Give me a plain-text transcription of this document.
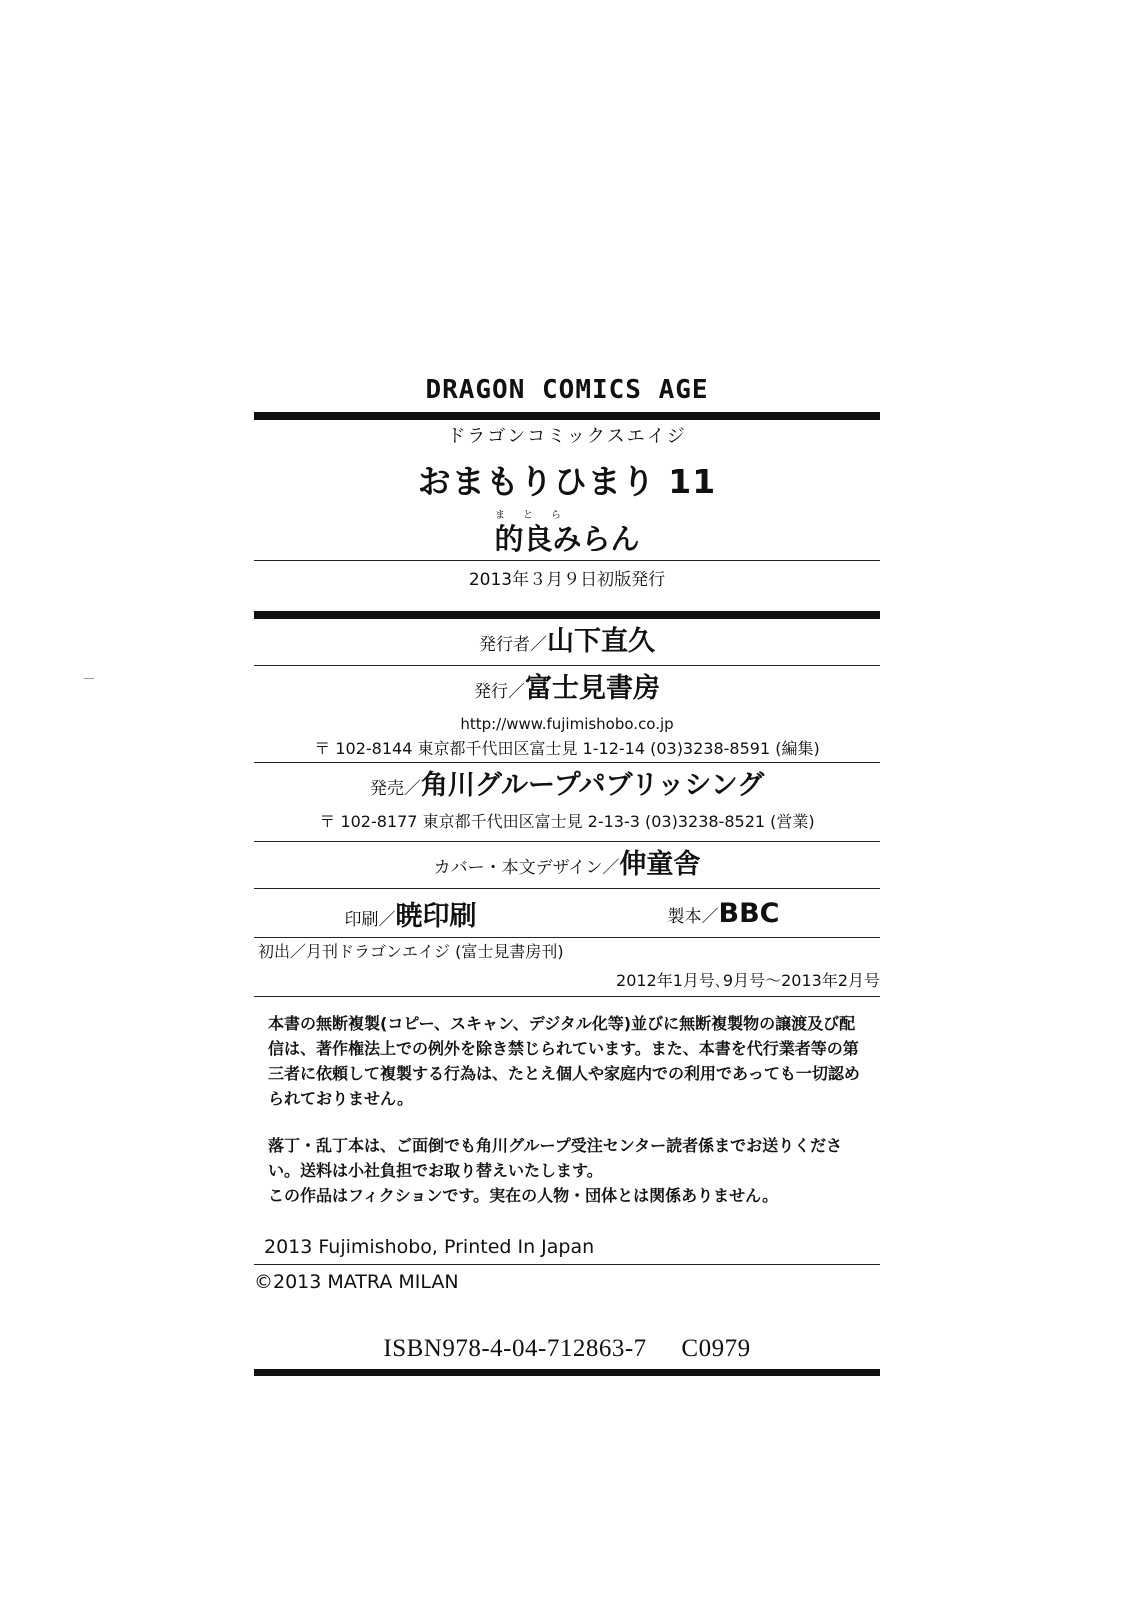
DRAGON COMICS AGE
ドラゴンコミックスエイジ
おまもりひまり 11
まとら
的良みらん
2013年３月９日初版発行
発行者／ 山下直久
発行／ 富士見書房
http://www.fujimishobo.co.jp
〒 102-8144 東京都千代田区富士見 1-12-14 (03)3238-8591 (編集)
発売／ 角川グループパブリッシング
〒 102-8177 東京都千代田区富士見 2-13-3 (03)3238-8521 (営業)
カバー・本文デザイン／ 伸童舎
印刷／ 暁印刷	製本／ BBC
初出／月刊ドラゴンエイジ (富士見書房刊)
2012年1月号､9月号～2013年2月号

本書の無断複製(コピー、スキャン、デジタル化等)並びに無断複製物の譲渡及び配信は、著作権法上での例外を除き禁じられています。また、本書を代行業者等の第三者に依頼して複製する行為は、たとえ個人や家庭内での利用であっても一切認められておりません。

落丁・乱丁本は、ご面倒でも角川グループ受注センター読者係までお送りください。送料は小社負担でお取り替えいたします。

この作品はフィクションです。実在の人物・団体とは関係ありません。

2013 Fujimishobo, Printed In Japan
©2013 MATRA MILAN
ISBN978-4-04-712863-7 C0979
